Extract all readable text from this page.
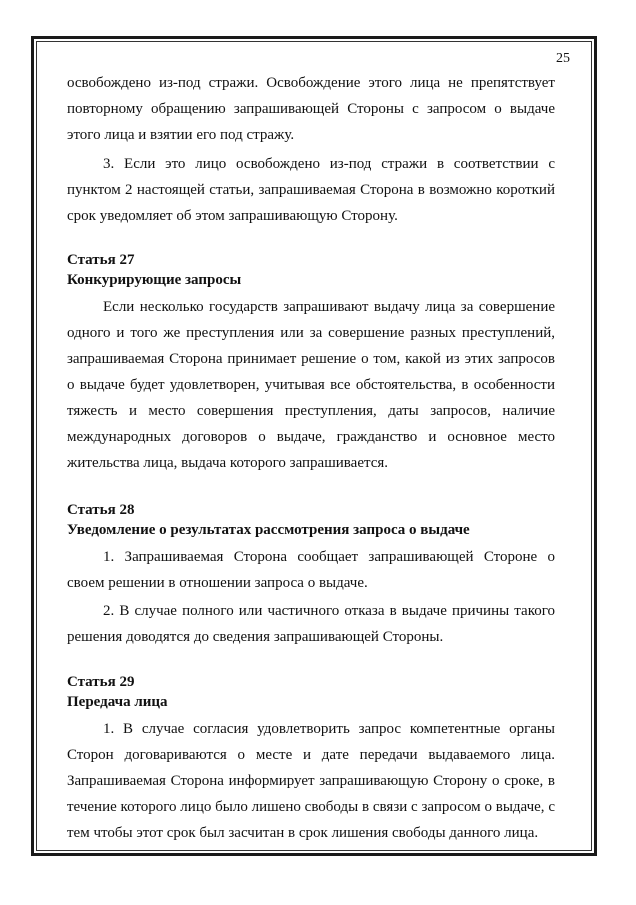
25

освобождено из-под стражи. Освобождение этого лица не препятствует повторному обращению запрашивающей Стороны с запросом о выдаче этого лица и взятии его под стражу.

3. Если это лицо освобождено из-под стражи в соответствии с пунктом 2 настоящей статьи, запрашиваемая Сторона в возможно короткий срок уведомляет об этом запрашивающую Сторону.

Статья 27

Конкурирующие запросы

Если несколько государств запрашивают выдачу лица за совершение одного и того же преступления или за совершение разных преступлений, запрашиваемая Сторона принимает решение о том, какой из этих запросов о выдаче будет удовлетворен, учитывая все обстоятельства, в особенности тяжесть и место совершения преступления, даты запросов, наличие международных договоров о выдаче, гражданство и основное место жительства лица, выдача которого запрашивается.

Статья 28

Уведомление о результатах рассмотрения запроса о выдаче

1. Запрашиваемая Сторона сообщает запрашивающей Стороне о своем решении в отношении запроса о выдаче.

2. В случае полного или частичного отказа в выдаче причины такого решения доводятся до сведения запрашивающей Стороны.

Статья 29

Передача лица

1. В случае согласия удовлетворить запрос компетентные органы Сторон договариваются о месте и дате передачи выдаваемого лица. Запрашиваемая Сторона информирует запрашивающую Сторону о сроке, в течение которого лицо было лишено свободы в связи с запросом о выдаче, с тем чтобы этот срок был засчитан в срок лишения свободы данного лица.
